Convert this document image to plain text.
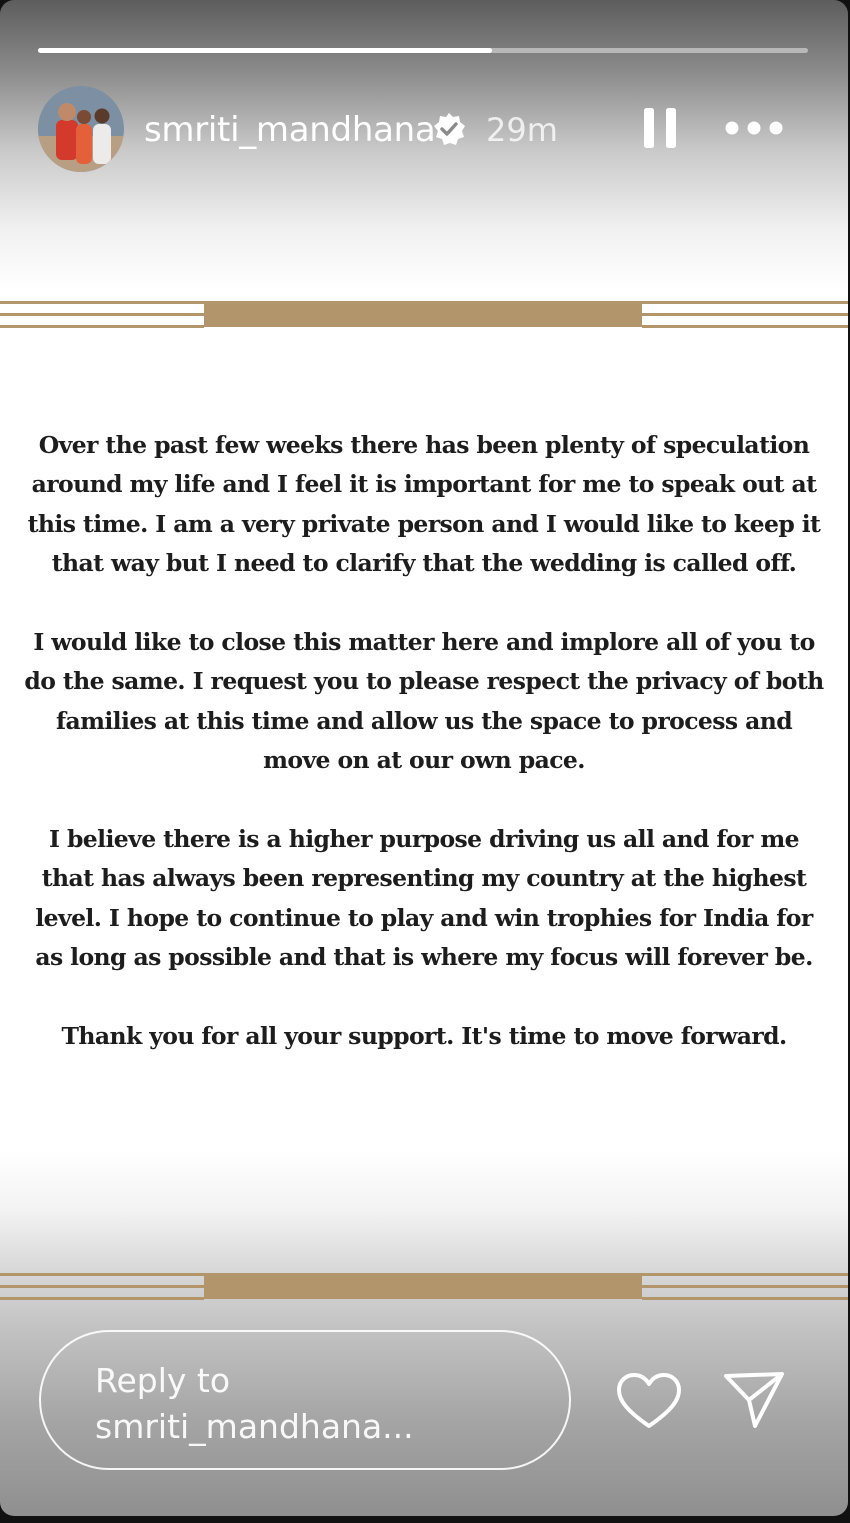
smriti_mandhana 29m

Over the past few weeks there has been plenty of speculation around my life and I feel it is important for me to speak out at this time. I am a very private person and I would like to keep it that way but I need to clarify that the wedding is called off.

I would like to close this matter here and implore all of you to do the same. I request you to please respect the privacy of both families at this time and allow us the space to process and move on at our own pace.

I believe there is a higher purpose driving us all and for me that has always been representing my country at the highest level. I hope to continue to play and win trophies for India for as long as possible and that is where my focus will forever be.

Thank you for all your support. It's time to move forward.

Reply to smriti_mandhana...
